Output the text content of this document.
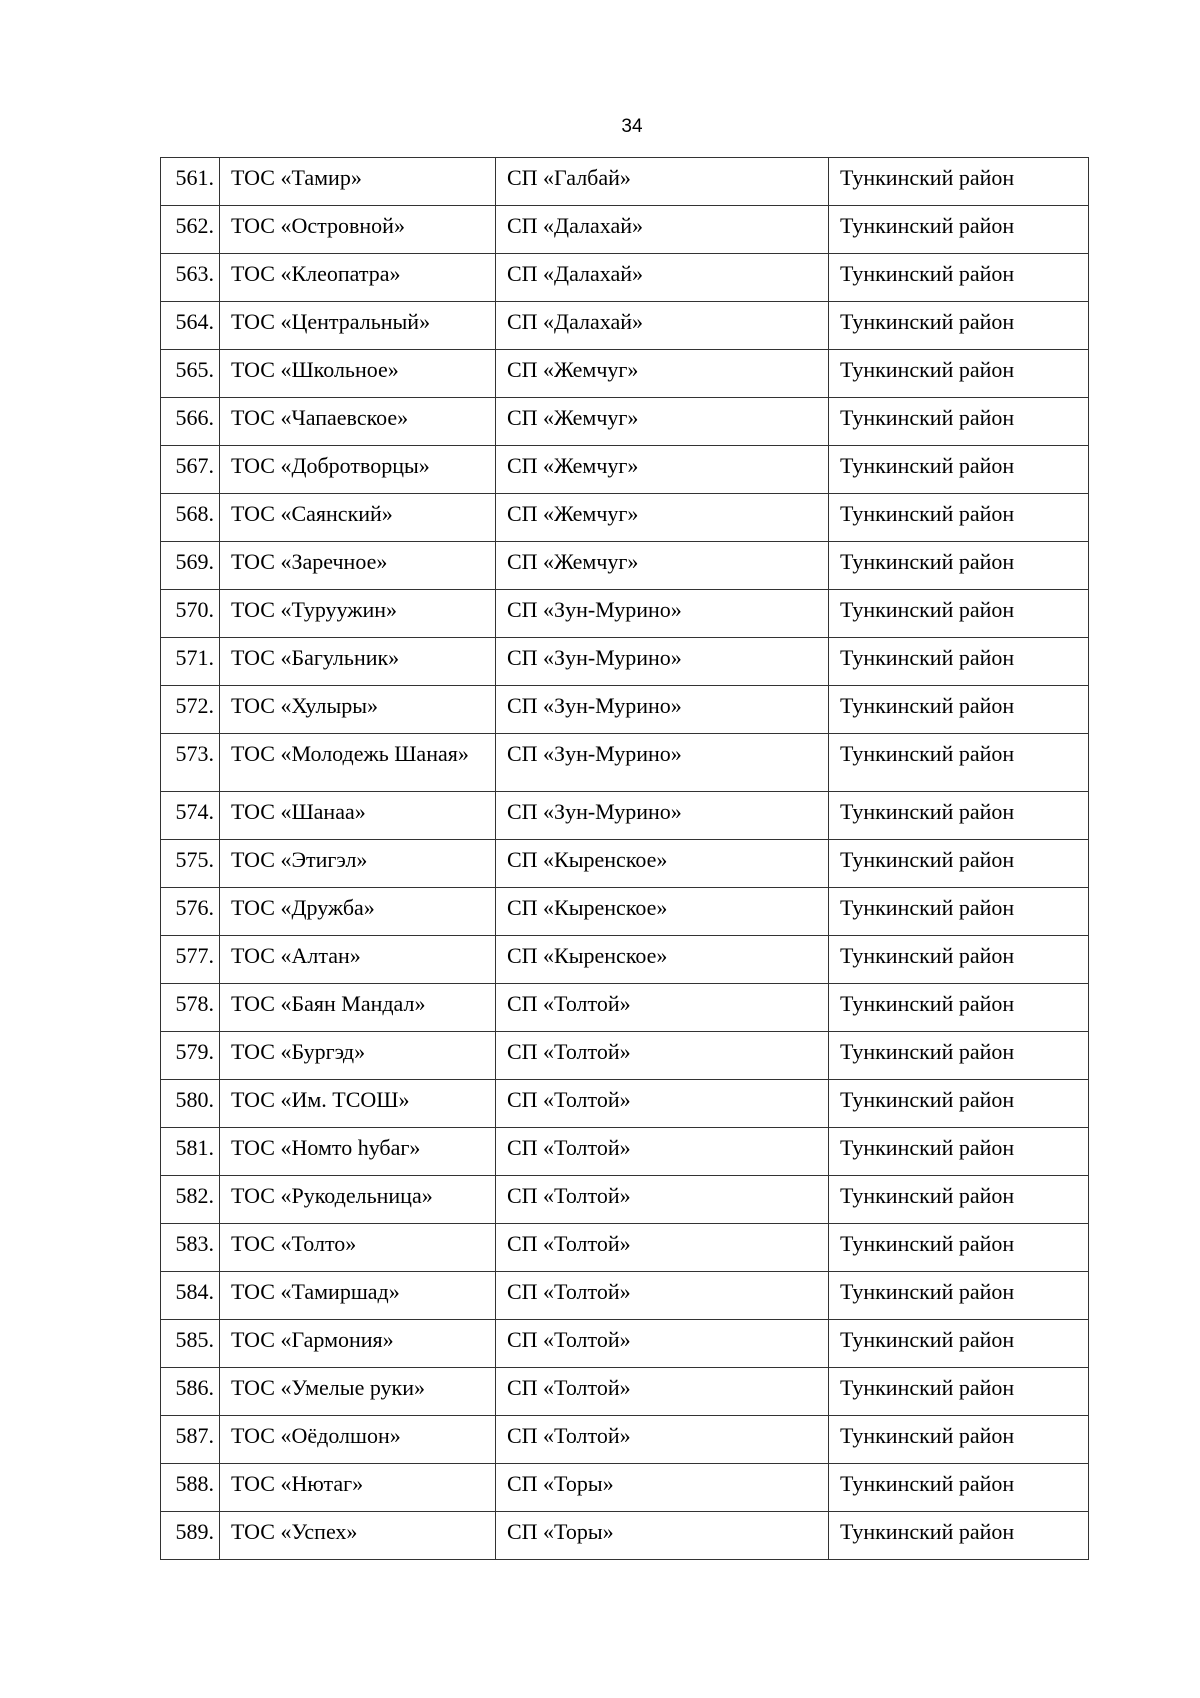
34
561.	ТОС «Тамир»	СП «Галбай»	Тункинский район
562.	ТОС «Островной»	СП «Далахай»	Тункинский район
563.	ТОС «Клеопатра»	СП «Далахай»	Тункинский район
564.	ТОС «Центральный»	СП «Далахай»	Тункинский район
565.	ТОС «Школьное»	СП «Жемчуг»	Тункинский район
566.	ТОС «Чапаевское»	СП «Жемчуг»	Тункинский район
567.	ТОС «Добротворцы»	СП «Жемчуг»	Тункинский район
568.	ТОС «Саянский»	СП «Жемчуг»	Тункинский район
569.	ТОС «Заречное»	СП «Жемчуг»	Тункинский район
570.	ТОС «Туруужин»	СП «Зун-Мурино»	Тункинский район
571.	ТОС «Багульник»	СП «Зун-Мурино»	Тункинский район
572.	ТОС «Хулыры»	СП «Зун-Мурино»	Тункинский район
573.	ТОС «Молодежь Шаная»	СП «Зун-Мурино»	Тункинский район
574.	ТОС «Шанаа»	СП «Зун-Мурино»	Тункинский район
575.	ТОС «Этигэл»	СП «Кыренское»	Тункинский район
576.	ТОС «Дружба»	СП «Кыренское»	Тункинский район
577.	ТОС «Алтан»	СП «Кыренское»	Тункинский район
578.	ТОС «Баян Мандал»	СП «Толтой»	Тункинский район
579.	ТОС «Бургэд»	СП «Толтой»	Тункинский район
580.	ТОС «Им. ТСОШ»	СП «Толтой»	Тункинский район
581.	ТОС «Номто hубаг»	СП «Толтой»	Тункинский район
582.	ТОС «Рукодельница»	СП «Толтой»	Тункинский район
583.	ТОС «Толто»	СП «Толтой»	Тункинский район
584.	ТОС «Тамиршад»	СП «Толтой»	Тункинский район
585.	ТОС «Гармония»	СП «Толтой»	Тункинский район
586.	ТОС «Умелые руки»	СП «Толтой»	Тункинский район
587.	ТОС «Оёдолшон»	СП «Толтой»	Тункинский район
588.	ТОС «Нютаг»	СП «Торы»	Тункинский район
589.	ТОС «Успех»	СП «Торы»	Тункинский район
